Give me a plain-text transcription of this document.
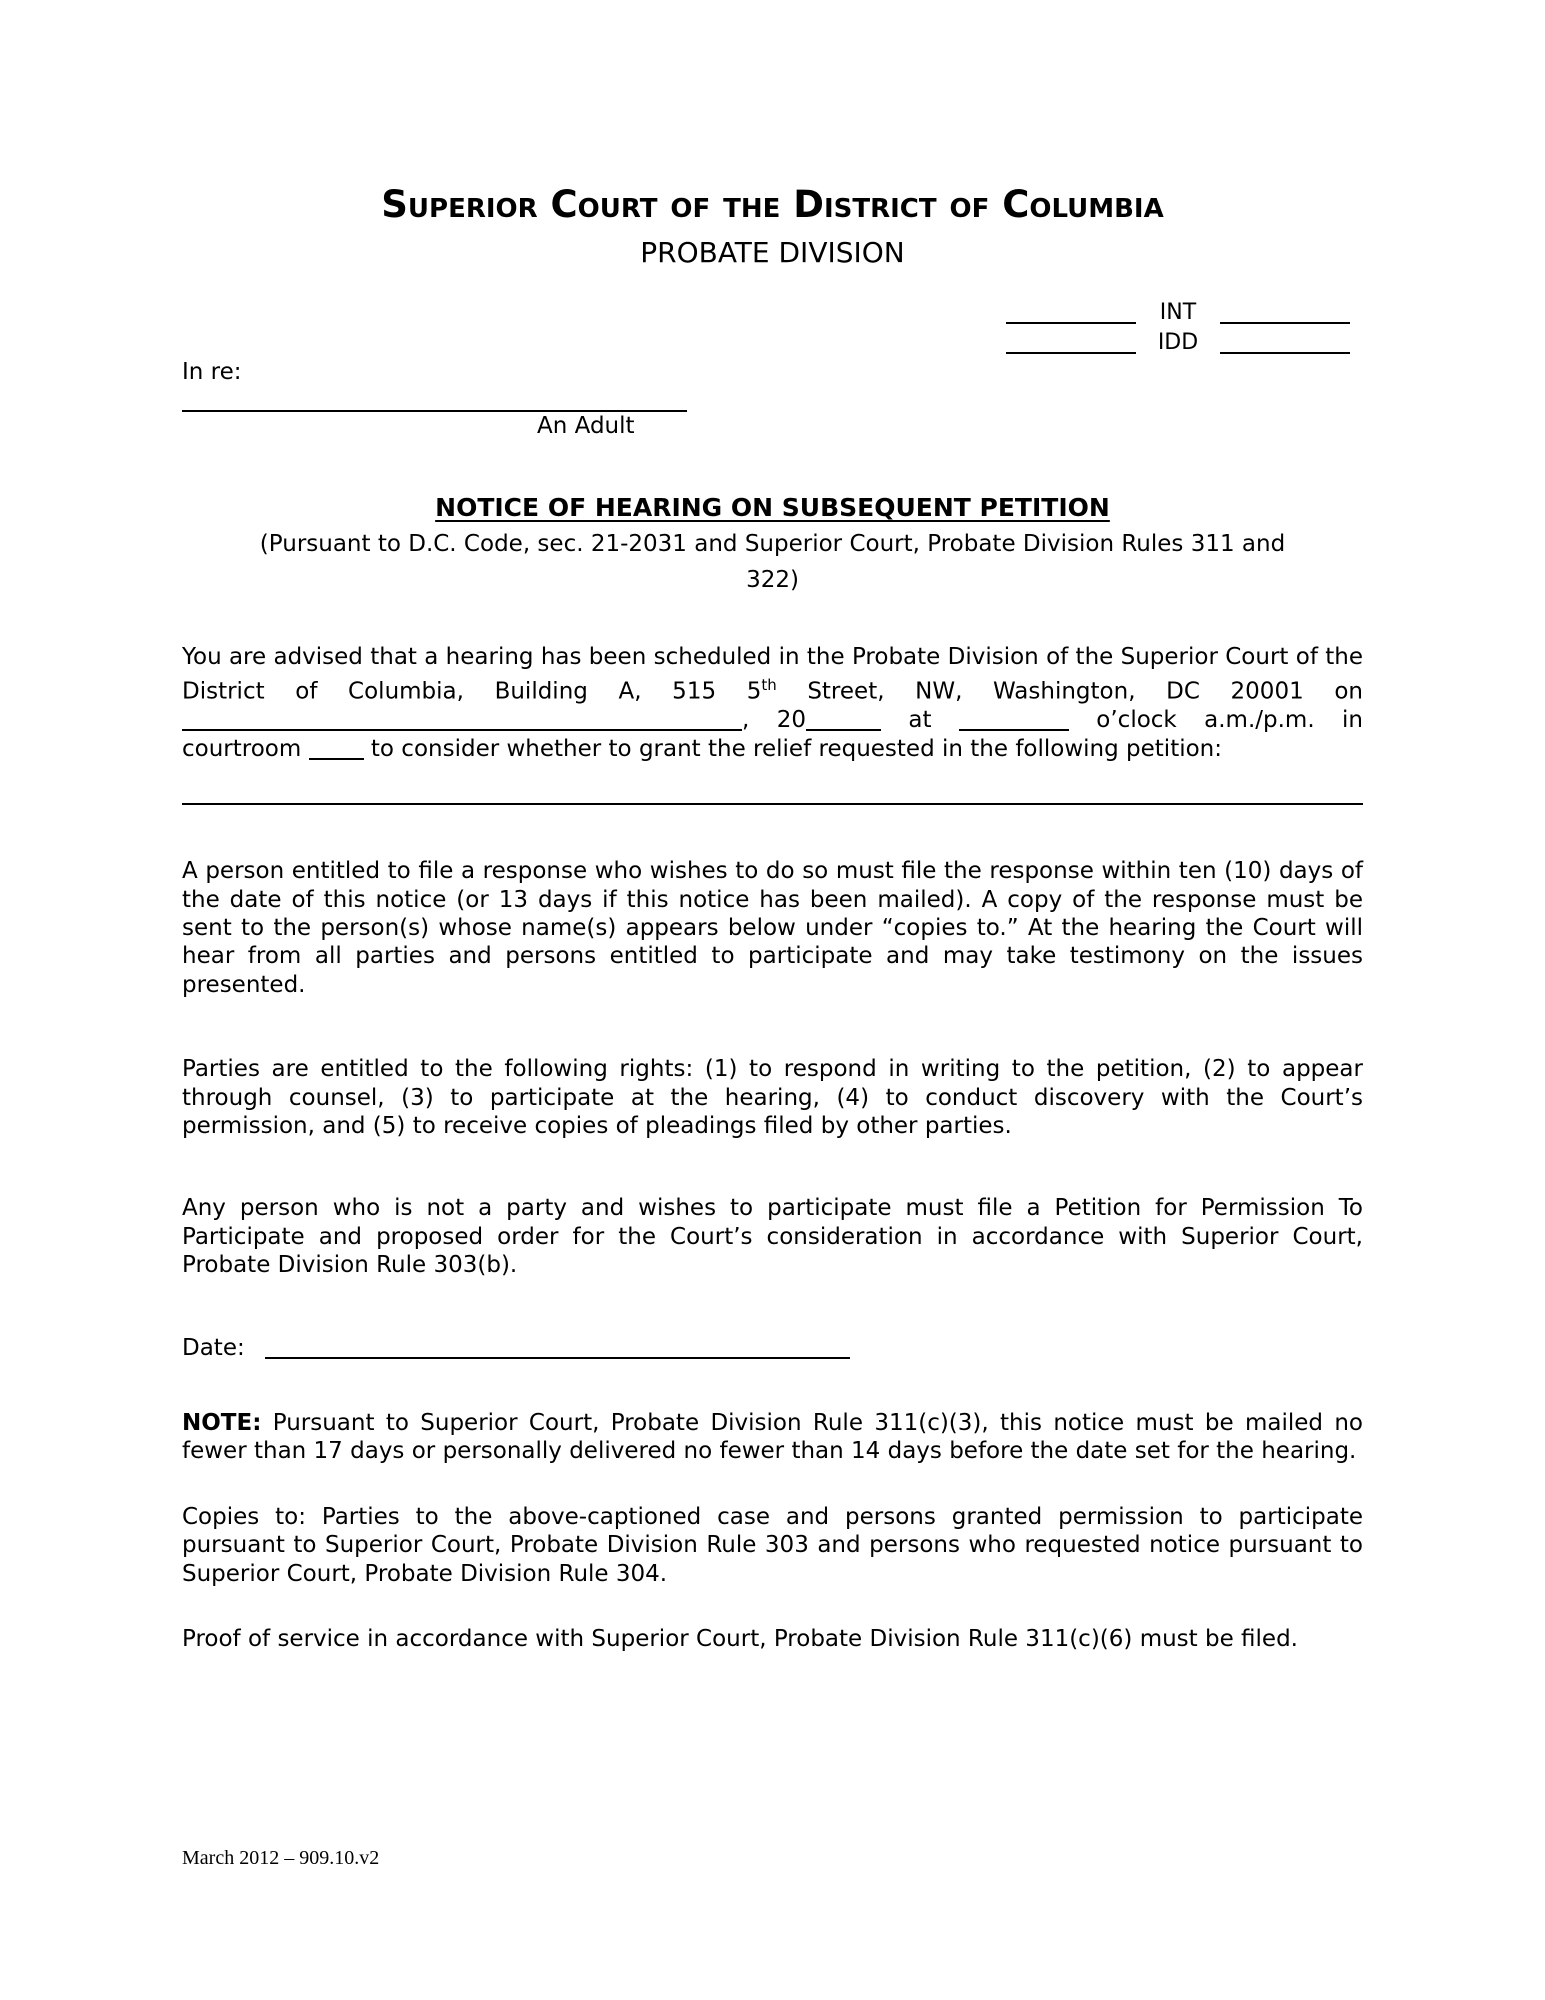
Superior Court of the District of Columbia
PROBATE DIVISION
INT
IDD

In re:

An Adult

NOTICE OF HEARING ON SUBSEQUENT PETITION
(Pursuant to D.C. Code, sec. 21-2031 and Superior Court, Probate Division Rules 311 and
322)

You are advised that a hearing has been scheduled in the Probate Division of the Superior Court of the District of Columbia, Building A, 515 5th Street, NW, Washington, DC 20001 on , 20	at	o’clock a.m./p.m. in courtroom  to consider whether to grant the relief requested in the following petition:

A person entitled to file a response who wishes to do so must file the response within ten (10) days of the date of this notice (or 13 days if this notice has been mailed). A copy of the response must be sent to the person(s) whose name(s) appears below under “copies to.” At the hearing the Court will hear from all parties and persons entitled to participate and may take testimony on the issues presented.

Parties are entitled to the following rights: (1) to respond in writing to the petition, (2) to appear through counsel, (3) to participate at the hearing, (4) to conduct discovery with the Court’s permission, and (5) to receive copies of pleadings filed by other parties.

Any person who is not a party and wishes to participate must file a Petition for Permission To Participate and proposed order for the Court’s consideration in accordance with Superior Court, Probate Division Rule 303(b).

Date:

NOTE: Pursuant to Superior Court, Probate Division Rule 311(c)(3), this notice must be mailed no fewer than 17 days or personally delivered no fewer than 14 days before the date set for the hearing.

Copies to: Parties to the above-captioned case and persons granted permission to participate pursuant to Superior Court, Probate Division Rule 303 and persons who requested notice pursuant to Superior Court, Probate Division Rule 304.

Proof of service in accordance with Superior Court, Probate Division Rule 311(c)(6) must be filed.

March 2012 – 909.10.v2
